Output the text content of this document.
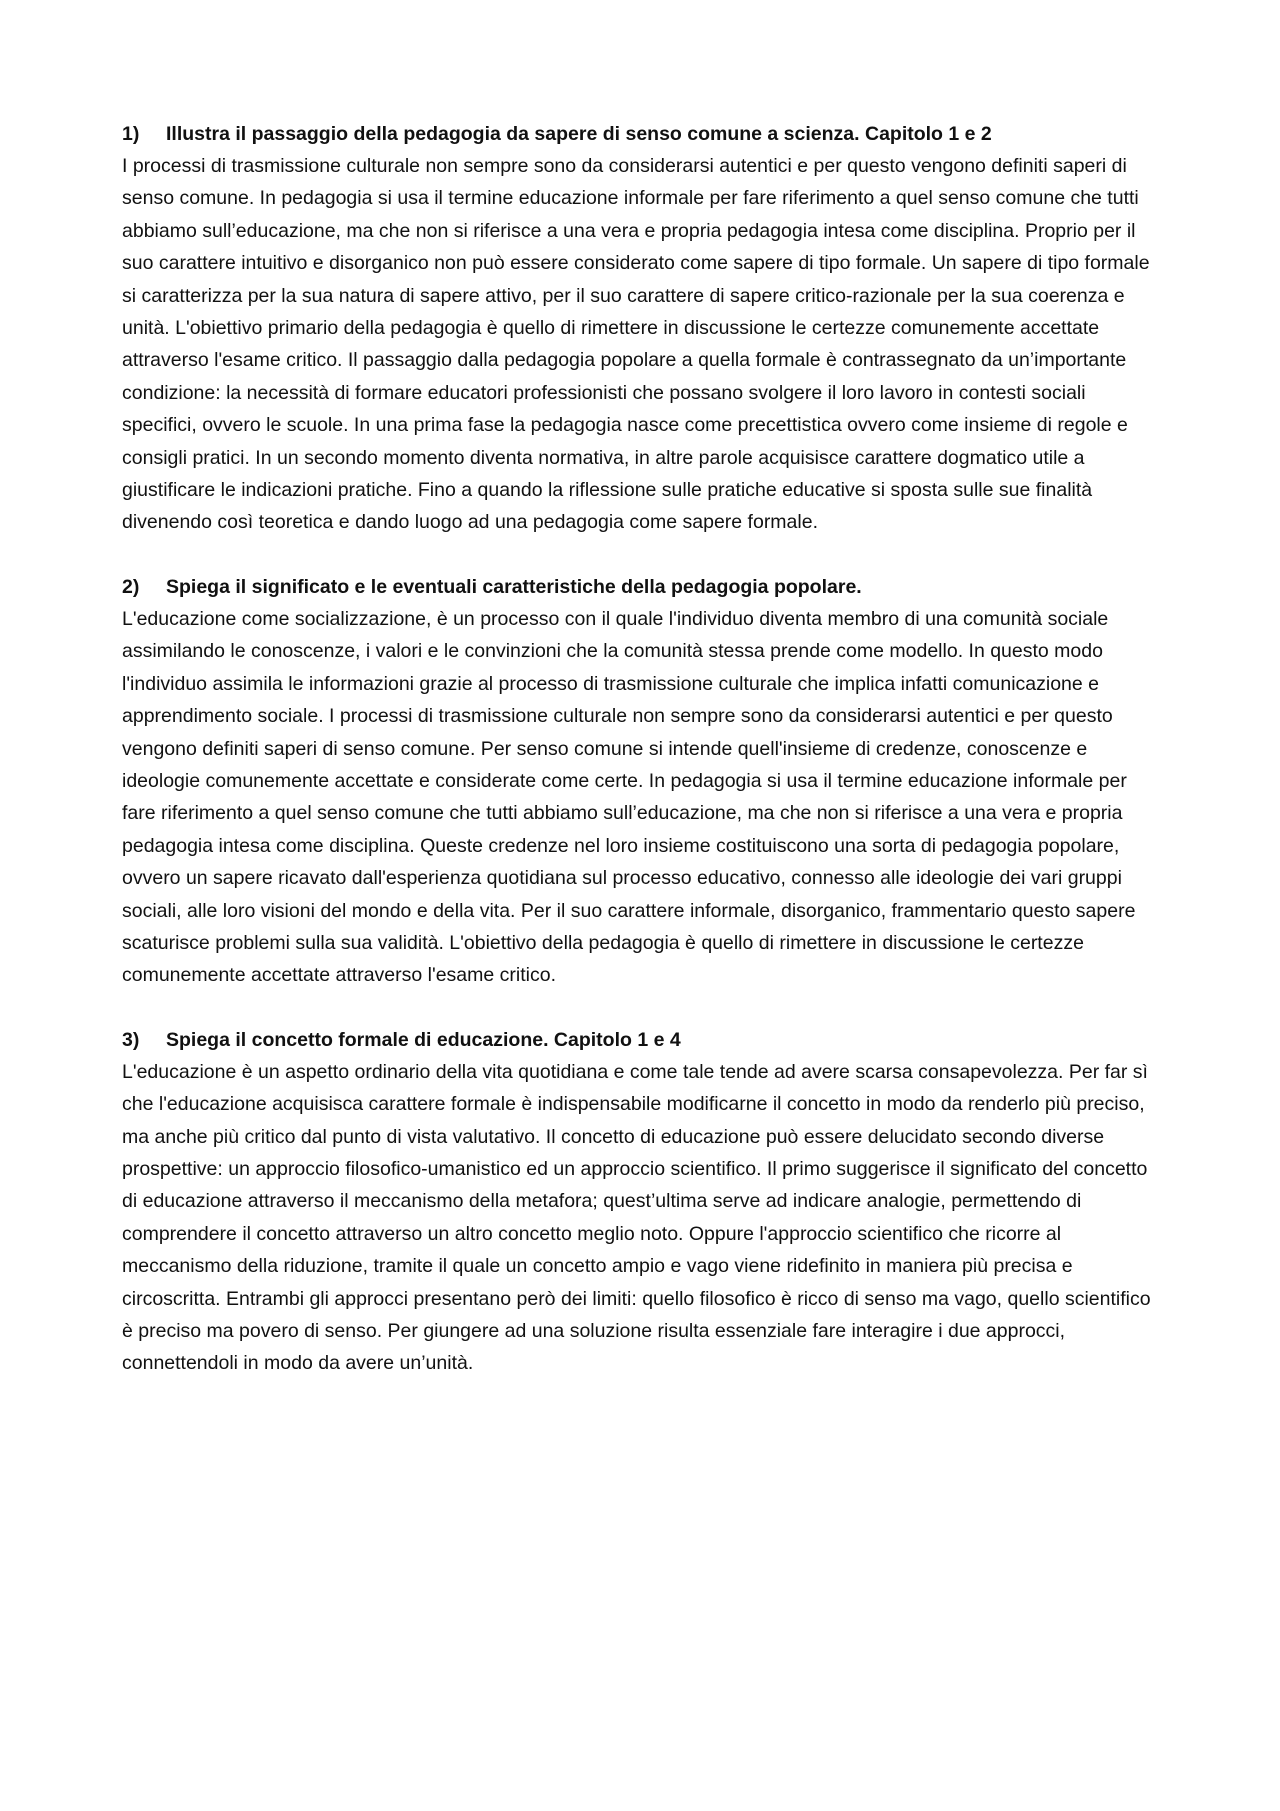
1) Illustra il passaggio della pedagogia da sapere di senso comune a scienza. Capitolo 1 e 2

I processi di trasmissione culturale non sempre sono da considerarsi autentici e per questo vengono definiti saperi di senso comune. In pedagogia si usa il termine educazione informale per fare riferimento a quel senso comune che tutti abbiamo sull’educazione, ma che non si riferisce a una vera e propria pedagogia intesa come disciplina. Proprio per il suo carattere intuitivo e disorganico non può essere considerato come sapere di tipo formale. Un sapere di tipo formale si caratterizza per la sua natura di sapere attivo, per il suo carattere di sapere critico-razionale per la sua coerenza e unità. L'obiettivo primario della pedagogia è quello di rimettere in discussione le certezze comunemente accettate attraverso l'esame critico. Il passaggio dalla pedagogia popolare a quella formale è contrassegnato da un’importante condizione: la necessità di formare educatori professionisti che possano svolgere il loro lavoro in contesti sociali specifici, ovvero le scuole. In una prima fase la pedagogia nasce come precettistica ovvero come insieme di regole e consigli pratici. In un secondo momento diventa normativa, in altre parole acquisisce carattere dogmatico utile a giustificare le indicazioni pratiche. Fino a quando la riflessione sulle pratiche educative si sposta sulle sue finalità divenendo così teoretica e dando luogo ad una pedagogia come sapere formale.

2) Spiega il significato e le eventuali caratteristiche della pedagogia popolare.

L'educazione come socializzazione, è un processo con il quale l'individuo diventa membro di una comunità sociale assimilando le conoscenze, i valori e le convinzioni che la comunità stessa prende come modello. In questo modo l'individuo assimila le informazioni grazie al processo di trasmissione culturale che implica infatti comunicazione e apprendimento sociale. I processi di trasmissione culturale non sempre sono da considerarsi autentici e per questo vengono definiti saperi di senso comune. Per senso comune si intende quell'insieme di credenze, conoscenze e ideologie comunemente accettate e considerate come certe. In pedagogia si usa il termine educazione informale per fare riferimento a quel senso comune che tutti abbiamo sull’educazione, ma che non si riferisce a una vera e propria pedagogia intesa come disciplina. Queste credenze nel loro insieme costituiscono una sorta di pedagogia popolare, ovvero un sapere ricavato dall'esperienza quotidiana sul processo educativo, connesso alle ideologie dei vari gruppi sociali, alle loro visioni del mondo e della vita. Per il suo carattere informale, disorganico, frammentario questo sapere scaturisce problemi sulla sua validità. L'obiettivo della pedagogia è quello di rimettere in discussione le certezze comunemente accettate attraverso l'esame critico.

3) Spiega il concetto formale di educazione. Capitolo 1 e 4

L'educazione è un aspetto ordinario della vita quotidiana e come tale tende ad avere scarsa consapevolezza. Per far sì che l'educazione acquisisca carattere formale è indispensabile modificarne il concetto in modo da renderlo più preciso, ma anche più critico dal punto di vista valutativo. Il concetto di educazione può essere delucidato secondo diverse prospettive: un approccio filosofico-umanistico ed un approccio scientifico. Il primo suggerisce il significato del concetto di educazione attraverso il meccanismo della metafora; quest’ultima serve ad indicare analogie, permettendo di comprendere il concetto attraverso un altro concetto meglio noto. Oppure l'approccio scientifico che ricorre al meccanismo della riduzione, tramite il quale un concetto ampio e vago viene ridefinito in maniera più precisa e circoscritta. Entrambi gli approcci presentano però dei limiti: quello filosofico è ricco di senso ma vago, quello scientifico è preciso ma povero di senso. Per giungere ad una soluzione risulta essenziale fare interagire i due approcci, connettendoli in modo da avere un’unità.
